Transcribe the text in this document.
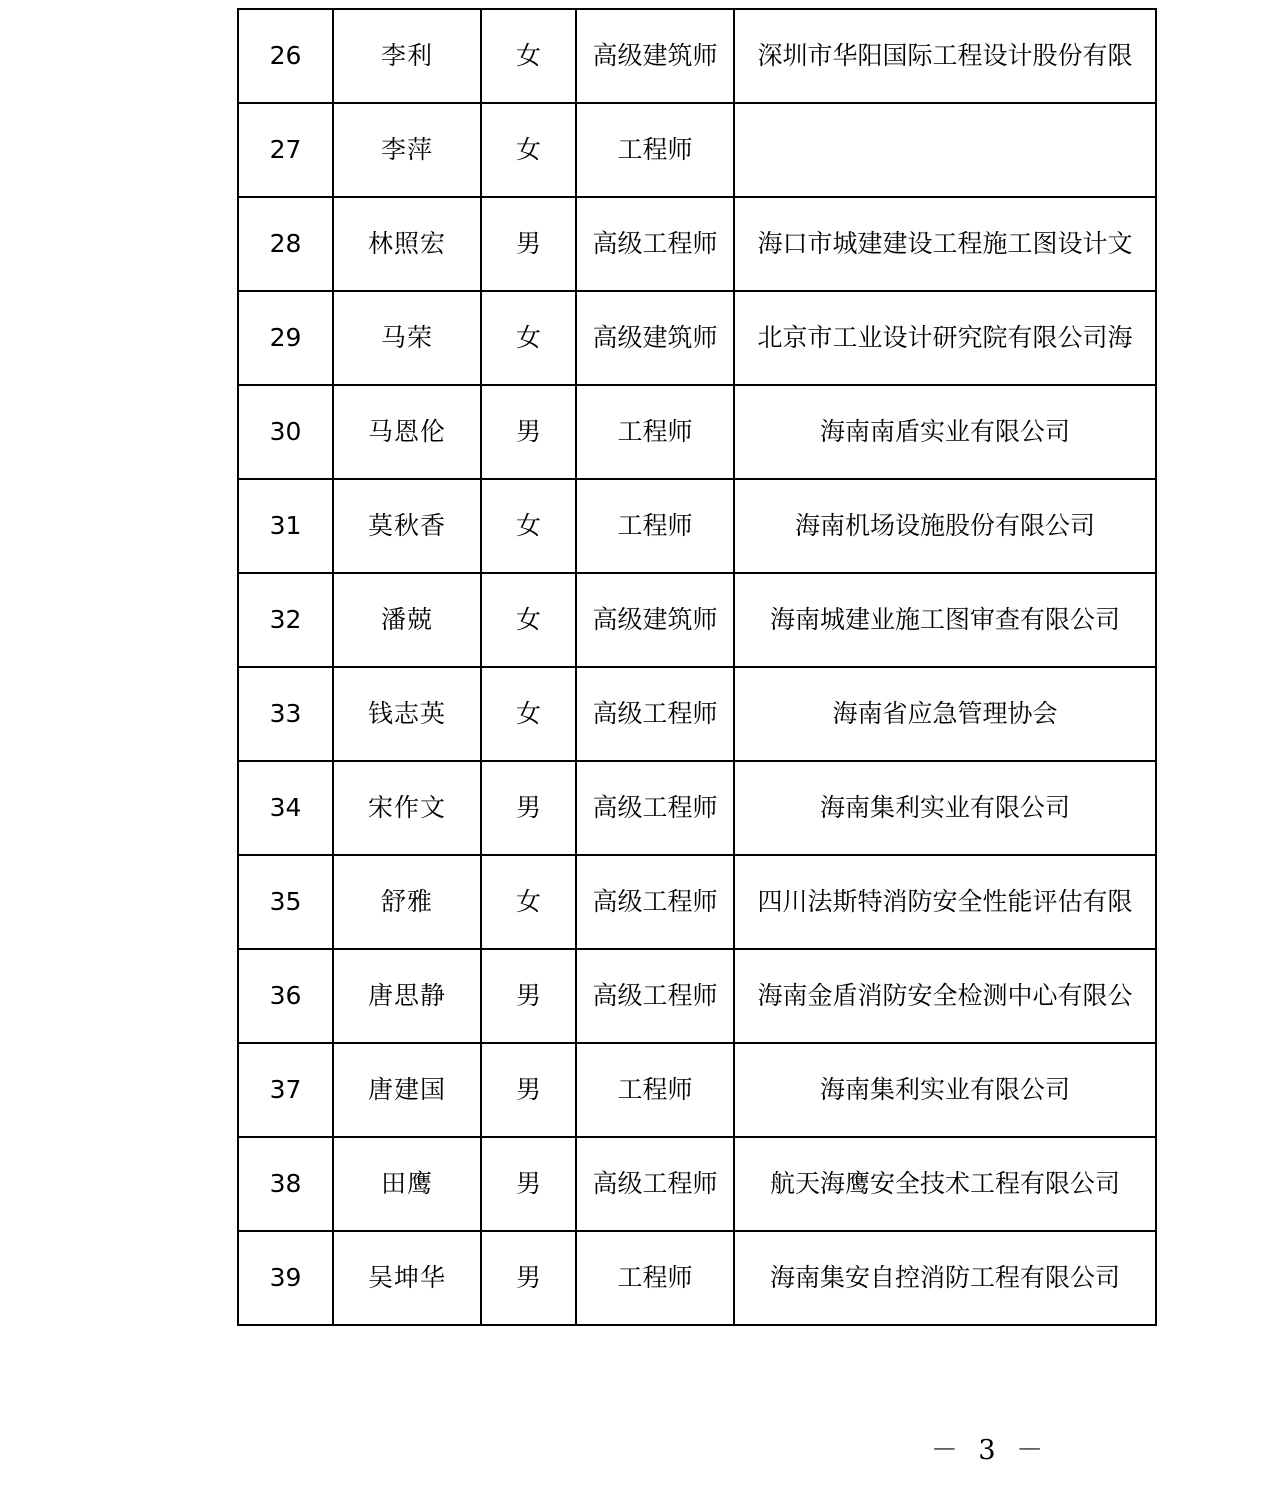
26	李利	女	高级建筑师	深圳市华阳国际工程设计股份有限
27	李萍	女	工程师	
28	林照宏	男	高级工程师	海口市城建建设工程施工图设计文
29	马荣	女	高级建筑师	北京市工业设计研究院有限公司海
30	马恩伦	男	工程师	海南南盾实业有限公司
31	莫秋香	女	工程师	海南机场设施股份有限公司
32	潘兢	女	高级建筑师	海南城建业施工图审查有限公司
33	钱志英	女	高级工程师	海南省应急管理协会
34	宋作文	男	高级工程师	海南集利实业有限公司
35	舒雅	女	高级工程师	四川法斯特消防安全性能评估有限
36	唐思静	男	高级工程师	海南金盾消防安全检测中心有限公
37	唐建国	男	工程师	海南集利实业有限公司
38	田鹰	男	高级工程师	航天海鹰安全技术工程有限公司
39	吴坤华	男	工程师	海南集安自控消防工程有限公司
－ 3 －
